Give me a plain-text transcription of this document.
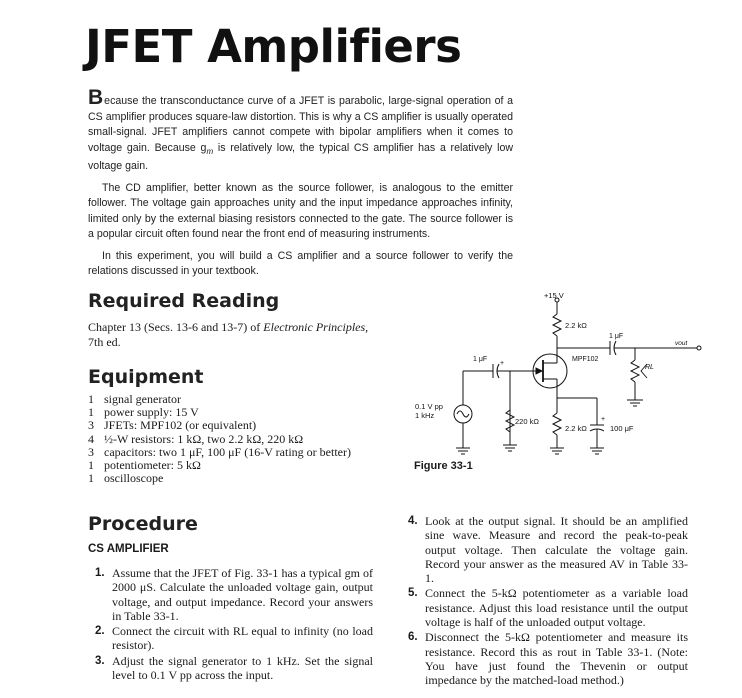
JFET Amplifiers

Because the transconductance curve of a JFET is parabolic, large-signal operation of a CS amplifier produces square-law distortion. This is why a CS amplifier is usually operated small-signal. JFET amplifiers cannot compete with bipolar amplifiers when it comes to voltage gain. Because $g_m$ is relatively low, the typical CS amplifier has a relatively low voltage gain.

The CD amplifier, better known as the source follower, is analogous to the emitter follower. The voltage gain approaches unity and the input impedance approaches infinity, limited only by the external biasing resistors connected to the gate. The source follower is a popular circuit often found near the front end of measuring instruments.

In this experiment, you will build a CS amplifier and a source follower to verify the relations discussed in your textbook.

Required Reading
Chapter 13 (Secs. 13-6 and 13-7) of Electronic Principles,
7th ed.
Equipment
1 signal generator
1 power supply: 15 V
3 JFETs: MPF102 (or equivalent)
4 ½-W resistors: 1 kΩ, two 2.2 kΩ, 220 kΩ
3 capacitors: two 1 μF, 100 μF (16-V rating or better)
1 potentiometer: 5 kΩ
1 oscilloscope
Procedure
CS AMPLIFIER
1. Assume that the JFET of Fig. 33-1 has a typical gm of 2000 μS. Calculate the unloaded voltage gain, output voltage, and output impedance. Record your answers in Table 33-1.
2. Connect the circuit with RL equal to infinity (no load resistor).
3. Adjust the signal generator to 1 kHz. Set the signal level to 0.1 V pp across the input.
4. Look at the output signal. It should be an amplified sine wave. Measure and record the peak-to-peak output voltage. Then calculate the voltage gain. Record your answer as the measured AV in Table 33-1.
5. Connect the 5-kΩ potentiometer as a variable load resistance. Adjust this load resistance until the output voltage is half of the unloaded output voltage.
6. Disconnect the 5-kΩ potentiometer and measure its resistance. Record this as rout in Table 33-1. (Note: You have just found the Thevenin or output impedance by the matched-load method.)
+15 V
2.2 kΩ
1 μF
vout
MPF102
RL
1 μF
+
0.1 V pp
1 kHz
220 kΩ
2.2 kΩ	100 μF
+
Figure 33-1
